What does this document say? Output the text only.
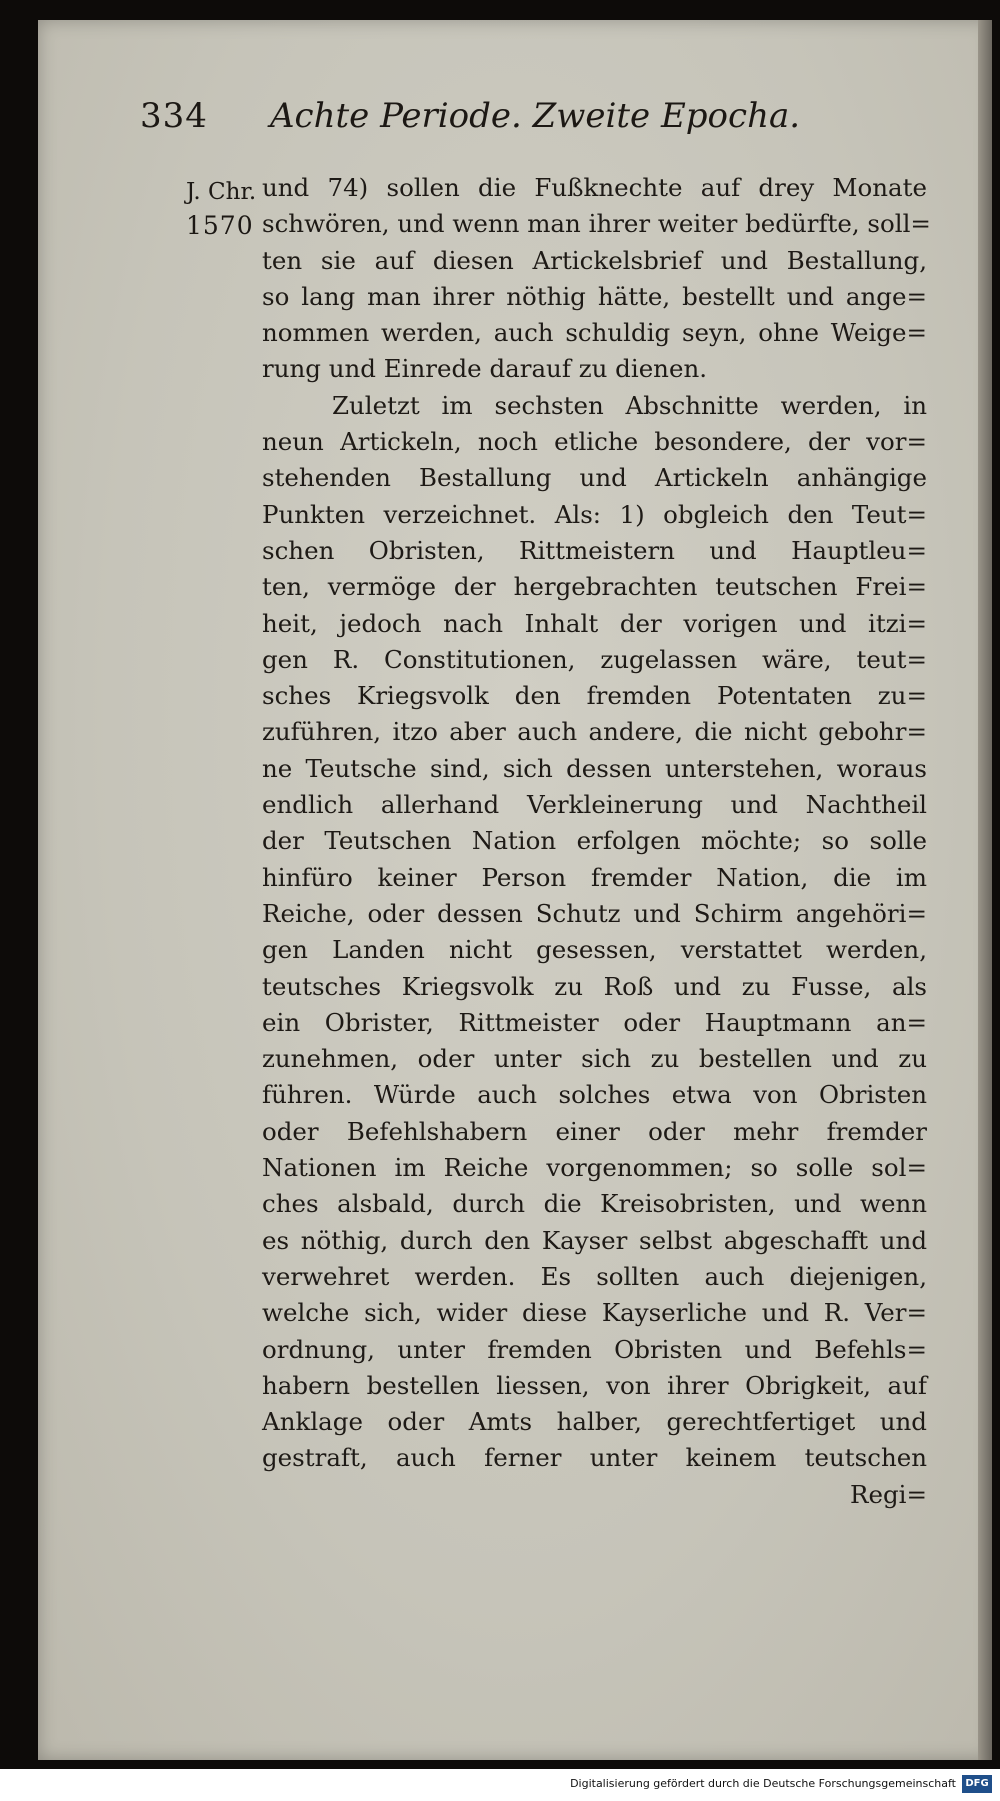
334 Achte Periode. Zweite Epocha.
J. Chr.
1570
und 74) sollen die Fußknechte auf drey Monate
schwören, und wenn man ihrer weiter bedürfte, soll=
ten sie auf diesen Artickelsbrief und Bestallung,
so lang man ihrer nöthig hätte, bestellt und ange=
nommen werden, auch schuldig seyn, ohne Weige=
rung und Einrede darauf zu dienen.
Zuletzt im sechsten Abschnitte werden, in
neun Artickeln, noch etliche besondere, der vor=
stehenden Bestallung und Artickeln anhängige
Punkten verzeichnet. Als: 1) obgleich den Teut=
schen Obristen, Rittmeistern und Hauptleu=
ten, vermöge der hergebrachten teutschen Frei=
heit, jedoch nach Inhalt der vorigen und itzi=
gen R. Constitutionen, zugelassen wäre, teut=
sches Kriegsvolk den fremden Potentaten zu=
zuführen, itzo aber auch andere, die nicht gebohr=
ne Teutsche sind, sich dessen unterstehen, woraus
endlich allerhand Verkleinerung und Nachtheil
der Teutschen Nation erfolgen möchte; so solle
hinfüro keiner Person fremder Nation, die im
Reiche, oder dessen Schutz und Schirm angehöri=
gen Landen nicht gesessen, verstattet werden,
teutsches Kriegsvolk zu Roß und zu Fusse, als
ein Obrister, Rittmeister oder Hauptmann an=
zunehmen, oder unter sich zu bestellen und zu
führen. Würde auch solches etwa von Obristen
oder Befehlshabern einer oder mehr fremder
Nationen im Reiche vorgenommen; so solle sol=
ches alsbald, durch die Kreisobristen, und wenn
es nöthig, durch den Kayser selbst abgeschafft und
verwehret werden. Es sollten auch diejenigen,
welche sich, wider diese Kayserliche und R. Ver=
ordnung, unter fremden Obristen und Befehls=
habern bestellen liessen, von ihrer Obrigkeit, auf
Anklage oder Amts halber, gerechtfertiget und
gestraft, auch ferner unter keinem teutschen
Regi=
Digitalisierung gefördert durch die Deutsche Forschungsgemeinschaft DFG
